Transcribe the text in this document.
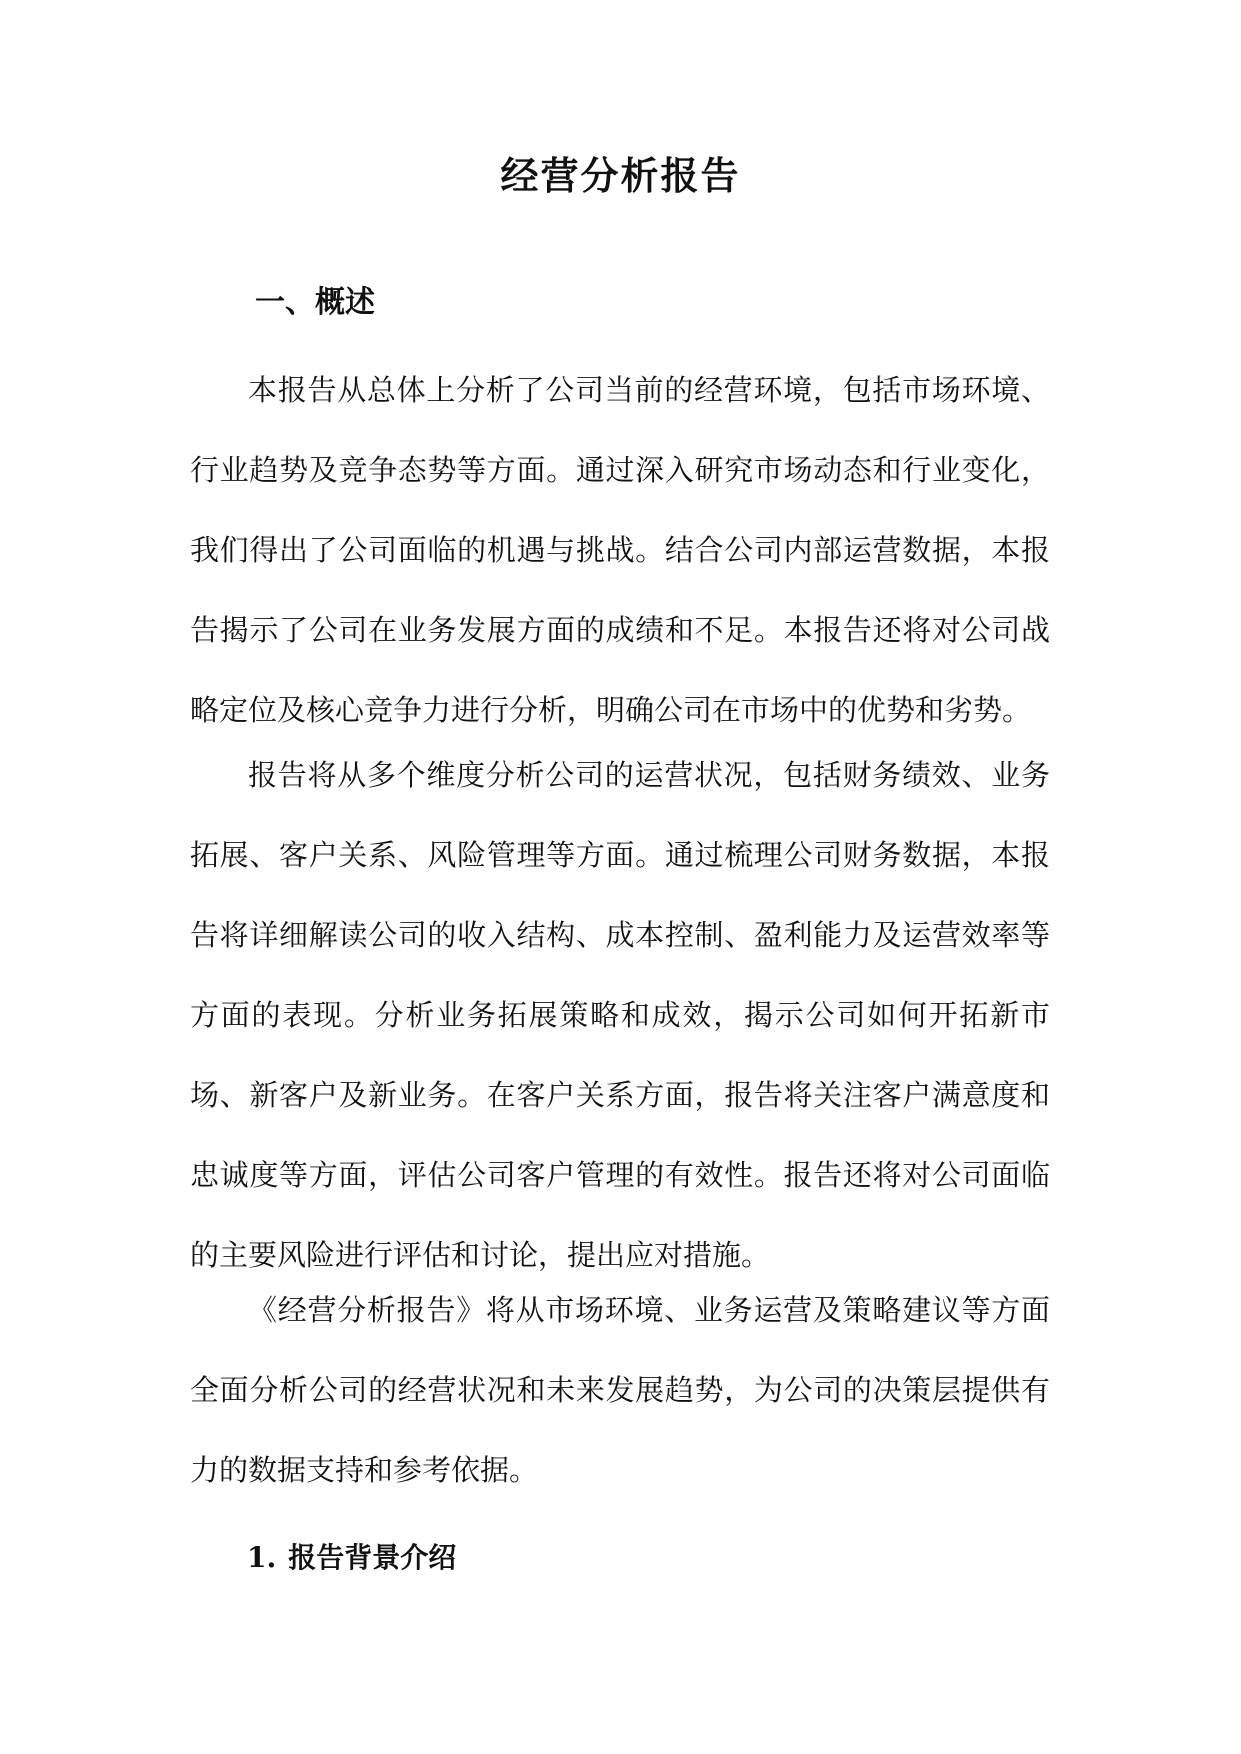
经营分析报告
一、概述

本报告从总体上分析了公司当前的经营环境，包括市场环境、行业趋势及竞争态势等方面。通过深入研究市场动态和行业变化，我们得出了公司面临的机遇与挑战。结合公司内部运营数据，本报告揭示了公司在业务发展方面的成绩和不足。本报告还将对公司战略定位及核心竞争力进行分析，明确公司在市场中的优势和劣势。

报告将从多个维度分析公司的运营状况，包括财务绩效、业务拓展、客户关系、风险管理等方面。通过梳理公司财务数据，本报告将详细解读公司的收入结构、成本控制、盈利能力及运营效率等方面的表现。分析业务拓展策略和成效，揭示公司如何开拓新市场、新客户及新业务。在客户关系方面，报告将关注客户满意度和忠诚度等方面，评估公司客户管理的有效性。报告还将对公司面临的主要风险进行评估和讨论，提出应对措施。

《经营分析报告》将从市场环境、业务运营及策略建议等方面全面分析公司的经营状况和未来发展趋势，为公司的决策层提供有力的数据支持和参考依据。

1. 报告背景介绍
